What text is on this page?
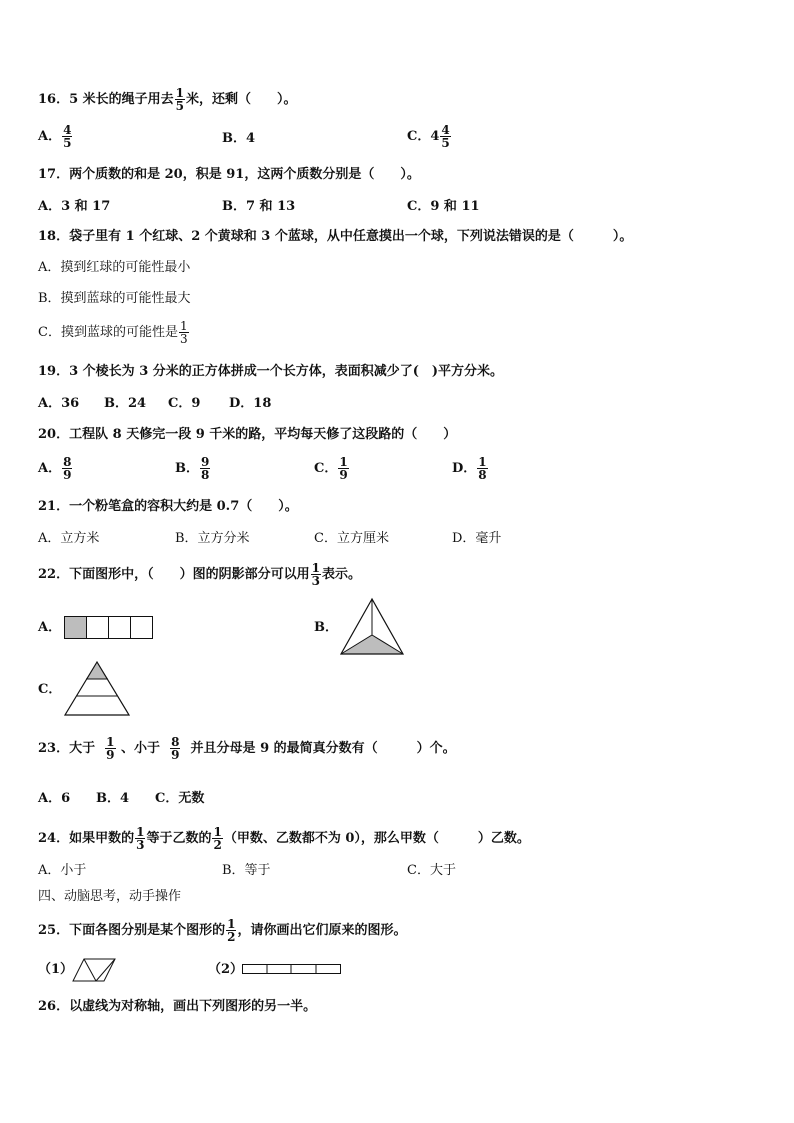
16．5 米长的绳子用去 $\frac{1}{5}$ 米，还剩（　　）。
A． $\frac{4}{5}$	B．4	C．$4 \frac{4}{5}$
17．两个质数的和是 20，积是 91，这两个质数分别是（　　）。
A．3 和 17	B．7 和 13	C．9 和 11
18．袋子里有 1 个红球、2 个黄球和 3 个蓝球，从中任意摸出一个球，下列说法错误的是（　　　）。
A．摸到红球的可能性最小
B．摸到蓝球的可能性最大
C．摸到蓝球的可能性是 $\frac{1}{3}$
19．3 个棱长为 3 分米的正方体拼成一个长方体，表面积减少了(　)平方分米。
A．36 B．24 C．9 D．18
20．工程队 8 天修完一段 9 千米的路，平均每天修了这段路的（　　）
A． $\frac{8}{9}$	B． $\frac{9}{8}$	C． $\frac{1}{9}$	D． $\frac{1}{8}$
21．一个粉笔盒的容积大约是 0.7（　　）。
A．立方米	B．立方分米	C．立方厘米	D．毫升
22．下面图形中，（　　）图的阴影部分可以用 $\frac{1}{3}$ 表示。
A．	B．
C．
23．大于 $\frac{1}{9}$ 、小于 $\frac{8}{9}$ 并且分母是 9 的最简真分数有（　　　）个。
A．6 B．4 C．无数
24．如果甲数的 $\frac{1}{3}$ 等于乙数的 $\frac{1}{2}$ （甲数、乙数都不为 0），那么甲数（　　　）乙数。
A．小于	B．等于	C．大于
四、动脑思考，动手操作
25．下面各图分别是某个图形的 $\frac{1}{2}$ ，请你画出它们原来的图形。
（1）	（2）
26．以虚线为对称轴，画出下列图形的另一半。
